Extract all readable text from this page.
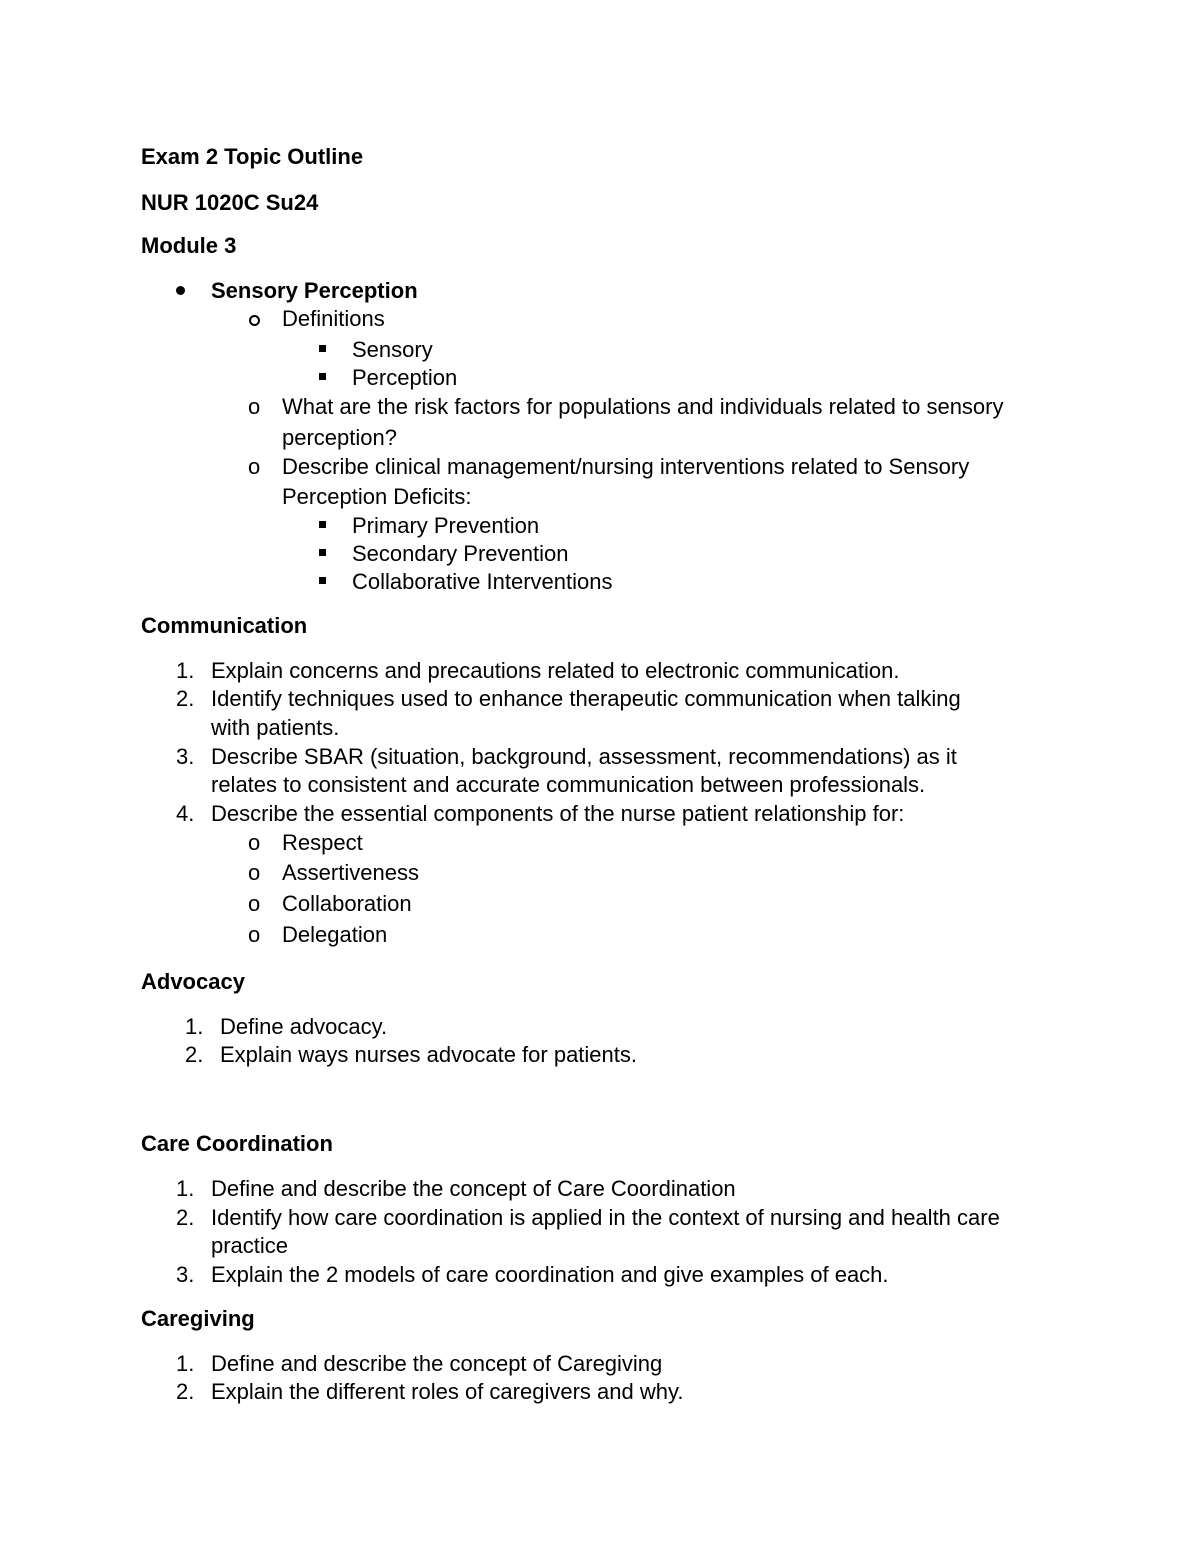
Exam 2 Topic Outline
NUR 1020C Su24
Module 3
Sensory Perception
Definitions
Sensory
Perception
o What are the risk factors for populations and individuals related to sensory
perception?
o Describe clinical management/nursing interventions related to Sensory
Perception Deficits:
Primary Prevention
Secondary Prevention
Collaborative Interventions
Communication
1. Explain concerns and precautions related to electronic communication.
2. Identify techniques used to enhance therapeutic communication when talking
with patients.
3. Describe SBAR (situation, background, assessment, recommendations) as it
relates to consistent and accurate communication between professionals.
4. Describe the essential components of the nurse patient relationship for:
o Respect
o Assertiveness
o Collaboration
o Delegation
Advocacy
1. Define advocacy.
2. Explain ways nurses advocate for patients.
Care Coordination
1. Define and describe the concept of Care Coordination
2. Identify how care coordination is applied in the context of nursing and health care
practice
3. Explain the 2 models of care coordination and give examples of each.
Caregiving
1. Define and describe the concept of Caregiving
2. Explain the different roles of caregivers and why.
